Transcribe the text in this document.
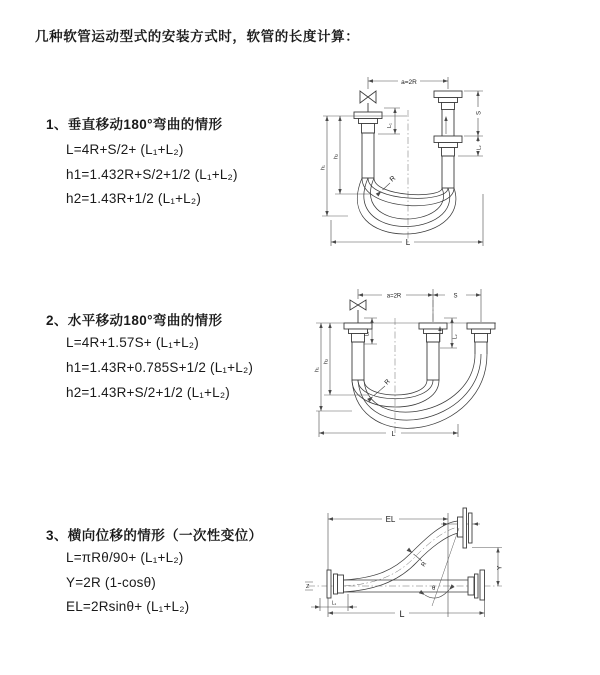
几种软管运动型式的安装方式时，软管的长度计算：
1、垂直移动180°弯曲的情形
L=4R+S/2+ (L₁+L₂)
h1=1.432R+S/2+1/2 (L₁+L₂)
h2=1.43R+1/2 (L₁+L₂)
2、水平移动180°弯曲的情形
L=4R+1.57S+ (L₁+L₂)
h1=1.43R+0.785S+1/2 (L₁+L₂)
h2=1.43R+S/2+1/2 (L₁+L₂)
3、横向位移的情形（一次性变位）
L=πRθ/90+ (L₁+L₂)
Y=2R (1-cosθ)
EL=2Rsinθ+ (L₁+L₂)
a=2R
L₁
h₂
h₁
S
L₂
R
L
a=2R	S
L₁
L₂
h₂
h₁
R
L
Z
EL
θ
R	Y
L₁
L
